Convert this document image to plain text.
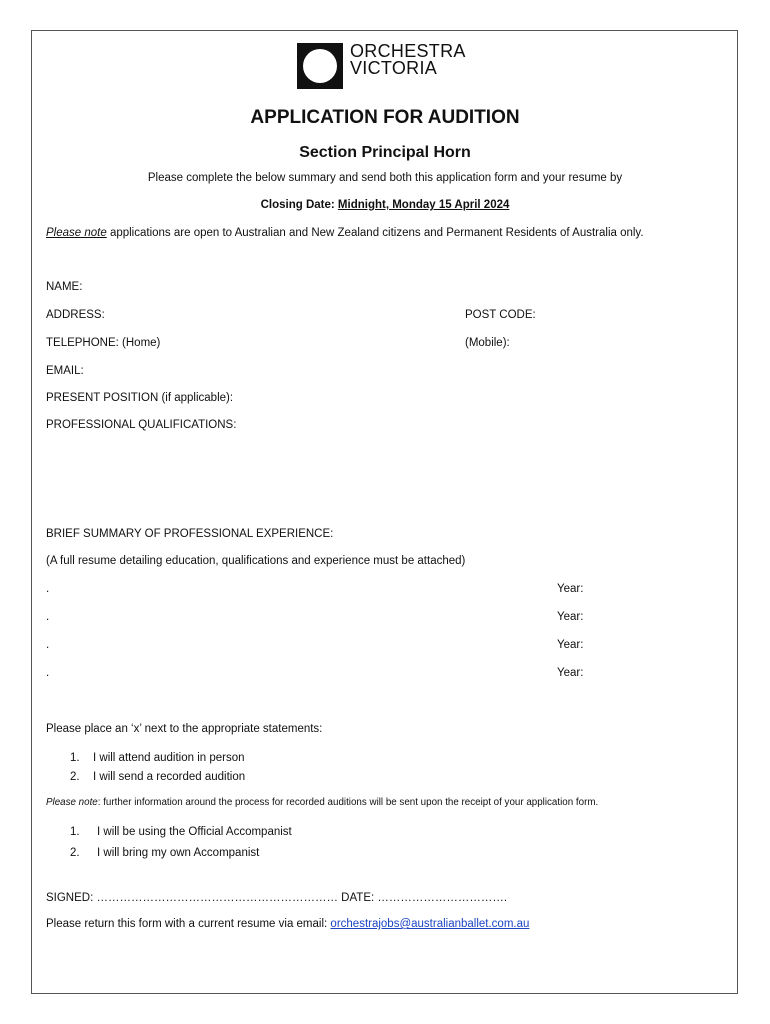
ORCHESTRA
VICTORIA
APPLICATION FOR AUDITION
Section Principal Horn
Please complete the below summary and send both this application form and your resume by
Closing Date: Midnight, Monday 15 April 2024
Please note applications are open to Australian and New Zealand citizens and Permanent Residents of Australia only.
NAME:
ADDRESS:	POST CODE:
TELEPHONE: (Home)	(Mobile):
EMAIL:
PRESENT POSITION (if applicable):
PROFESSIONAL QUALIFICATIONS:
BRIEF SUMMARY OF PROFESSIONAL EXPERIENCE:
(A full resume detailing education, qualifications and experience must be attached)
.	Year:
.	Year:
.	Year:
.	Year:
Please place an ‘x’ next to the appropriate statements:
1. I will attend audition in person
2. I will send a recorded audition
Please note: further information around the process for recorded auditions will be sent upon the receipt of your application form.
1. I will be using the Official Accompanist
2. I will bring my own Accompanist
SIGNED: ……………………………………………………… DATE: …………………………….
Please return this form with a current resume via email: orchestrajobs@australianballet.com.au
